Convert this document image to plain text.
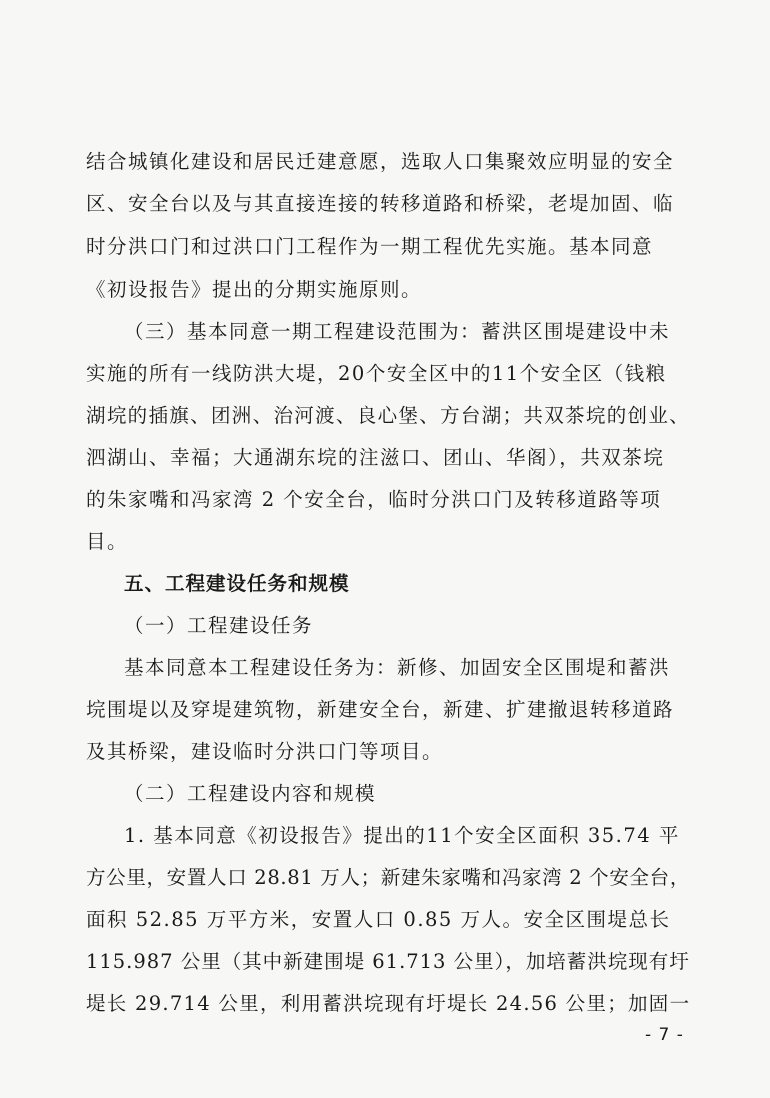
结合城镇化建设和居民迁建意愿，选取人口集聚效应明显的安全
区、安全台以及与其直接连接的转移道路和桥梁，老堤加固、临
时分洪口门和过洪口门工程作为一期工程优先实施。基本同意
《初设报告》提出的分期实施原则。
（三）基本同意一期工程建设范围为：蓄洪区围堤建设中未
实施的所有一线防洪大堤，20个安全区中的11个安全区（钱粮
湖垸的插旗、团洲、治河渡、良心堡、方台湖；共双茶垸的创业、
泗湖山、幸福；大通湖东垸的注滋口、团山、华阁），共双茶垸
的朱家嘴和冯家湾 2 个安全台，临时分洪口门及转移道路等项
目。
五、工程建设任务和规模
（一）工程建设任务
基本同意本工程建设任务为：新修、加固安全区围堤和蓄洪
垸围堤以及穿堤建筑物，新建安全台，新建、扩建撤退转移道路
及其桥梁，建设临时分洪口门等项目。
（二）工程建设内容和规模
1. 基本同意《初设报告》提出的11个安全区面积 35.74 平
方公里，安置人口 28.81 万人；新建朱家嘴和冯家湾 2 个安全台，
面积 52.85 万平方米，安置人口 0.85 万人。安全区围堤总长
115.987 公里（其中新建围堤 61.713 公里），加培蓄洪垸现有圩
堤长 29.714 公里，利用蓄洪垸现有圩堤长 24.56 公里；加固一
- 7 -
